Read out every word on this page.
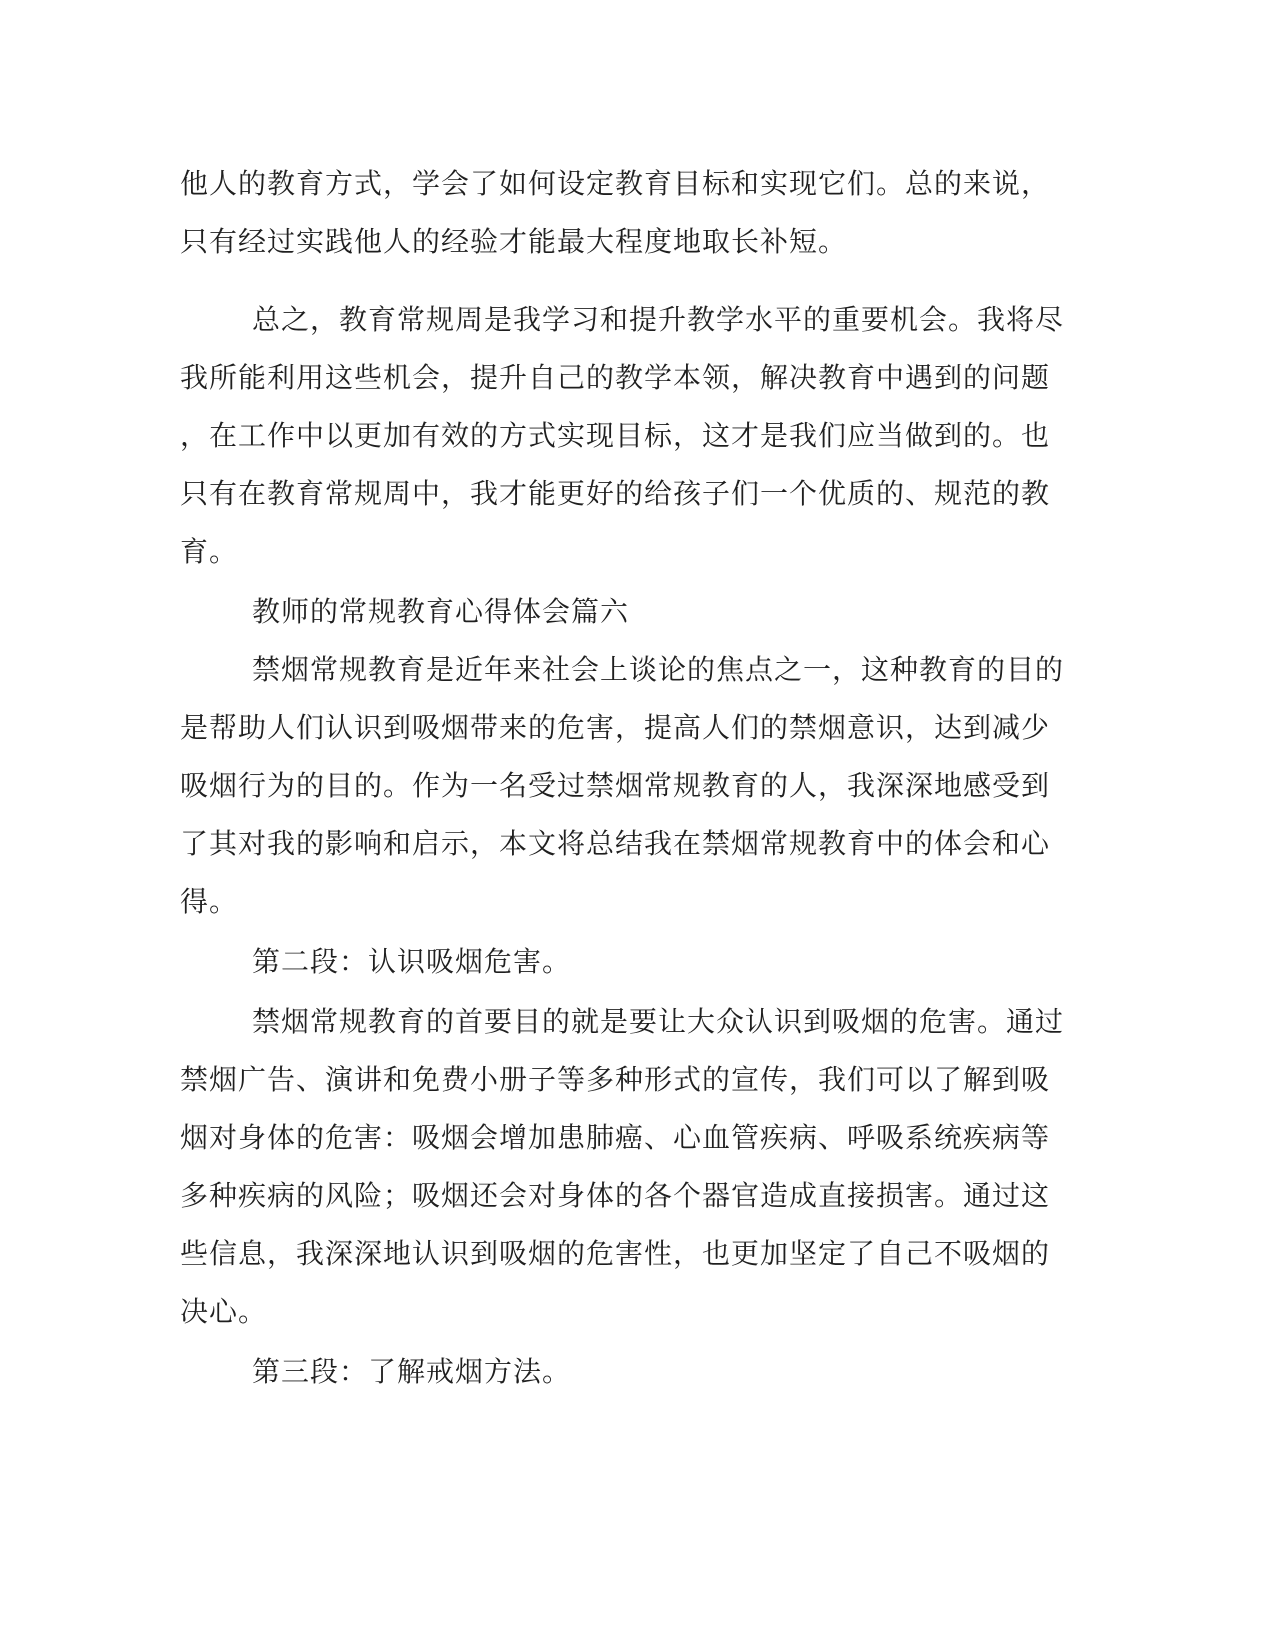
他人的教育方式，学会了如何设定教育目标和实现它们。总的来说，

只有经过实践他人的经验才能最大程度地取长补短。

总之，教育常规周是我学习和提升教学水平的重要机会。我将尽

我所能利用这些机会，提升自己的教学本领，解决教育中遇到的问题

，在工作中以更加有效的方式实现目标，这才是我们应当做到的。也

只有在教育常规周中，我才能更好的给孩子们一个优质的、规范的教

育。

教师的常规教育心得体会篇六

禁烟常规教育是近年来社会上谈论的焦点之一，这种教育的目的

是帮助人们认识到吸烟带来的危害，提高人们的禁烟意识，达到减少

吸烟行为的目的。作为一名受过禁烟常规教育的人，我深深地感受到

了其对我的影响和启示，本文将总结我在禁烟常规教育中的体会和心

得。

第二段：认识吸烟危害。

禁烟常规教育的首要目的就是要让大众认识到吸烟的危害。通过

禁烟广告、演讲和免费小册子等多种形式的宣传，我们可以了解到吸

烟对身体的危害：吸烟会增加患肺癌、心血管疾病、呼吸系统疾病等

多种疾病的风险；吸烟还会对身体的各个器官造成直接损害。通过这

些信息，我深深地认识到吸烟的危害性，也更加坚定了自己不吸烟的

决心。

第三段：了解戒烟方法。
